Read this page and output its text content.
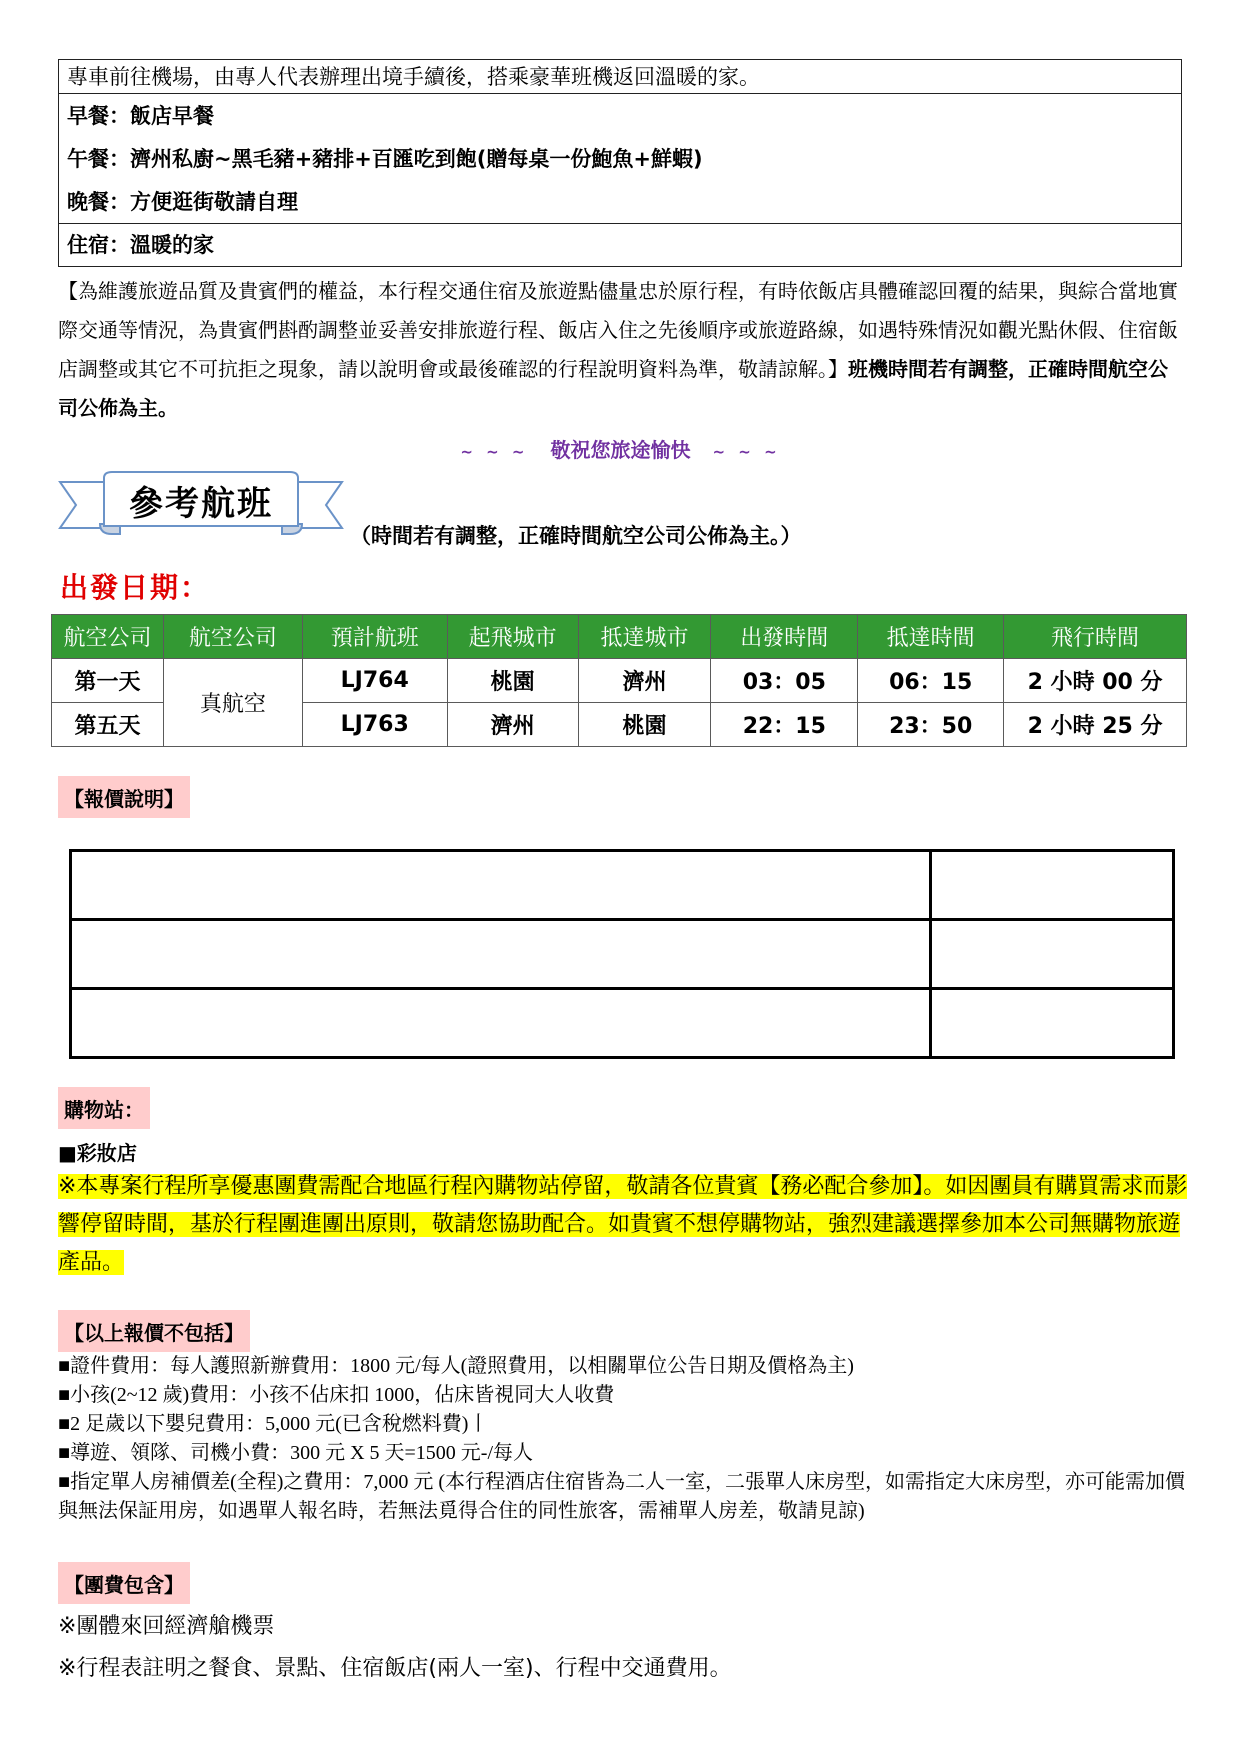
專車前往機場，由專人代表辦理出境手續後，搭乘豪華班機返回溫暖的家。
早餐：飯店早餐
午餐：濟州私廚~黑毛豬+豬排+百匯吃到飽(贈每桌一份鮑魚+鮮蝦)
晚餐：方便逛街敬請自理
住宿：溫暖的家
【為維護旅遊品質及貴賓們的權益，本行程交通住宿及旅遊點儘量忠於原行程，有時依飯店具體確認回覆的結果，與綜合當地實際交通等情況，為貴賓們斟酌調整並妥善安排旅遊行程、飯店入住之先後順序或旅遊路線，如遇特殊情況如觀光點休假、住宿飯店調整或其它不可抗拒之現象，請以說明會或最後確認的行程說明資料為準，敬請諒解。】班機時間若有調整，正確時間航空公司公佈為主。
~ ~ ~ 敬祝您旅途愉快 ~ ~ ~
參考航班
（時間若有調整，正確時間航空公司公佈為主。）
出發日期：
航空公司	航空公司	預計航班	起飛城市	抵達城市	出發時間	抵達時間	飛行時間
第一天	真航空	LJ764	桃園	濟州	03：05	06：15	2 小時 00 分
第五天		LJ763	濟州	桃園	22：15	23：50	2 小時 25 分
【報價說明】

購物站：
■彩妝店
※本專案行程所享優惠團費需配合地區行程內購物站停留，敬請各位貴賓【務必配合參加】。如因團員有購買需求而影響停留時間，基於行程團進團出原則，敬請您協助配合。如貴賓不想停購物站，強烈建議選擇參加本公司無購物旅遊產品。
【以上報價不包括】
■證件費用：每人護照新辦費用：1800 元/每人(證照費用，以相關單位公告日期及價格為主)
■小孩(2~12 歲)費用：小孩不佔床扣 1000，佔床皆視同大人收費
■2 足歲以下嬰兒費用：5,000 元(已含稅燃料費)丨
■導遊、領隊、司機小費：300 元 X 5 天=1500 元-/每人
■指定單人房補價差(全程)之費用：7,000 元 (本行程酒店住宿皆為二人一室，二張單人床房型，如需指定大床房型，亦可能需加價與無法保証用房，如遇單人報名時，若無法覓得合住的同性旅客，需補單人房差，敬請見諒)
【團費包含】
※團體來回經濟艙機票
※行程表註明之餐食、景點、住宿飯店(兩人一室)、行程中交通費用。
